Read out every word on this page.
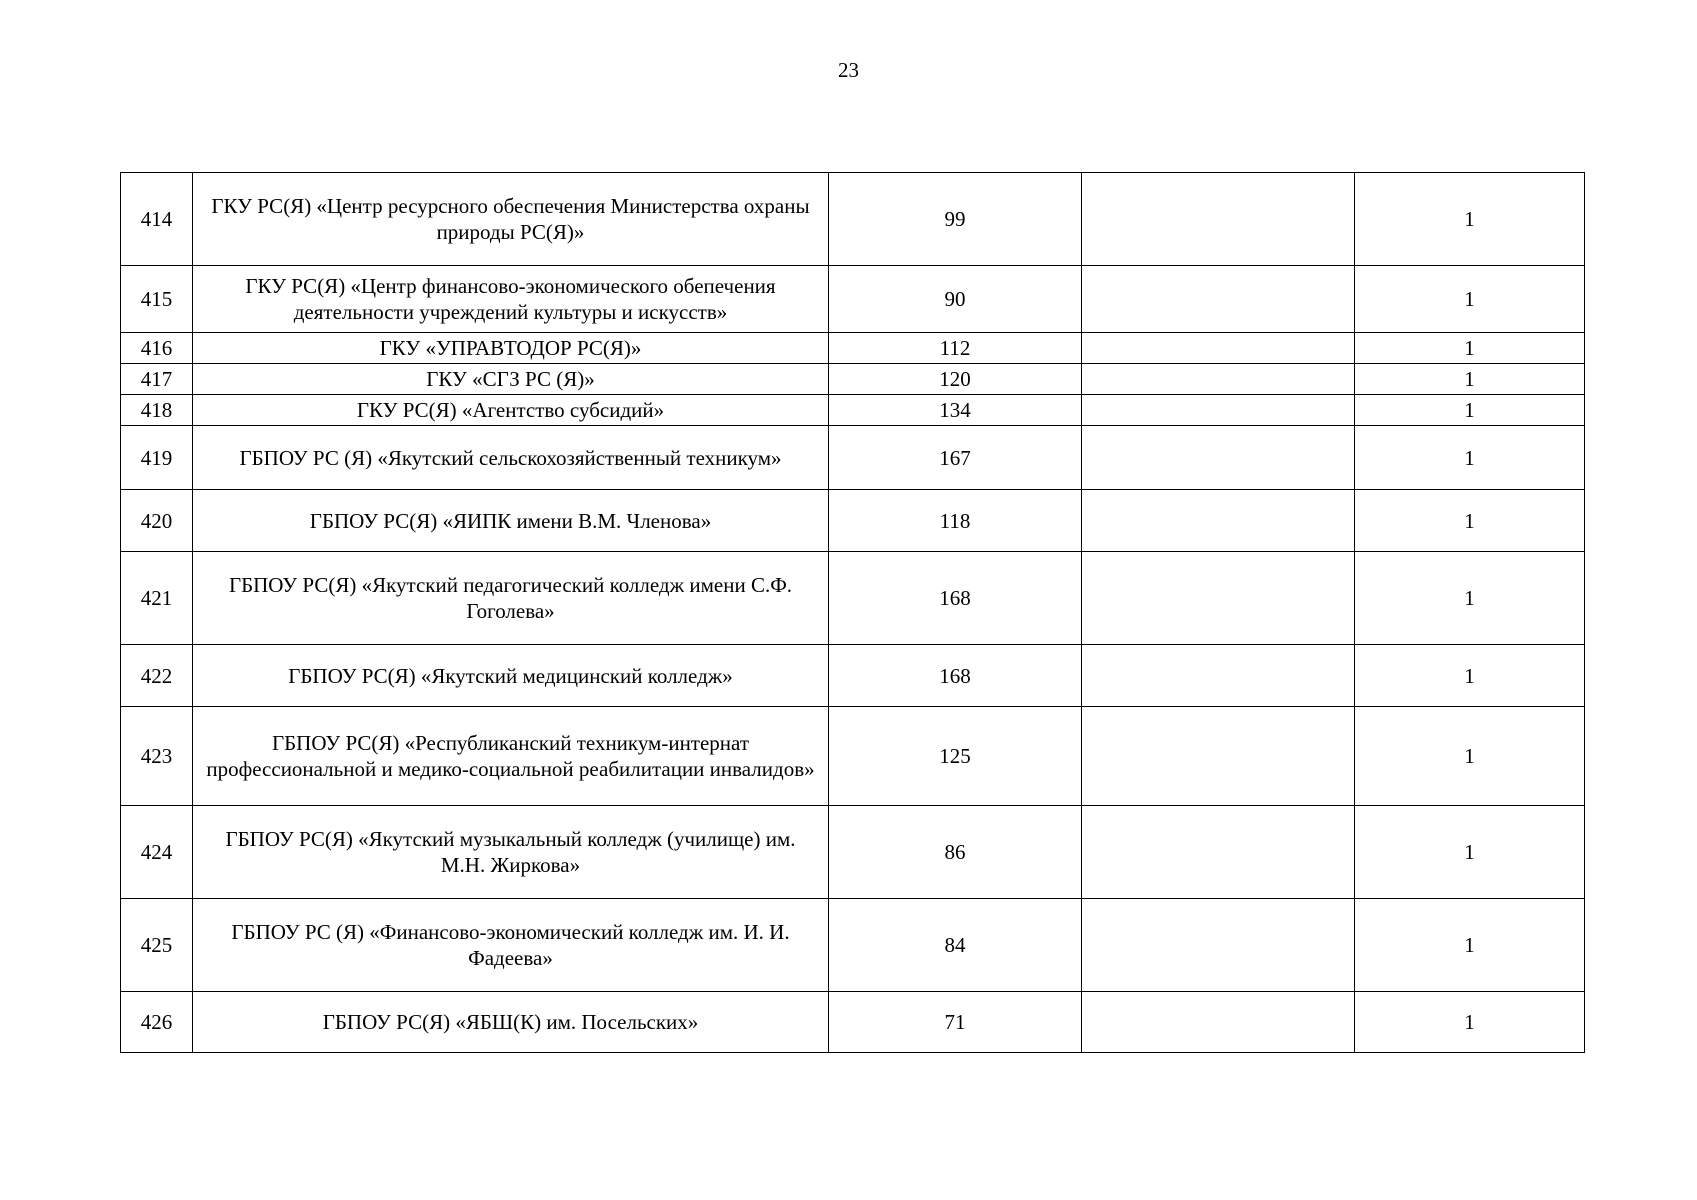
23
414	ГКУ РС(Я) «Центр ресурсного обеспечения Министерства охраны природы РС(Я)»	99		1
415	ГКУ РС(Я) «Центр финансово-экономического обепечения деятельности учреждений культуры и искусств»	90		1
416	ГКУ «УПРАВТОДОР РС(Я)»	112		1
417	ГКУ «СГЗ РС (Я)»	120		1
418	ГКУ РС(Я) «Агентство субсидий»	134		1
419	ГБПОУ РС (Я) «Якутский сельскохозяйственный техникум»	167		1
420	ГБПОУ РС(Я) «ЯИПК имени В.М. Членова»	118		1
421	ГБПОУ РС(Я) «Якутский педагогический колледж имени С.Ф. Гоголева»	168		1
422	ГБПОУ РС(Я) «Якутский медицинский колледж»	168		1
423	ГБПОУ РС(Я) «Республиканский техникум-интернат профессиональной и медико-социальной реабилитации инвалидов»	125		1
424	ГБПОУ РС(Я) «Якутский музыкальный колледж (училище) им. М.Н. Жиркова»	86		1
425	ГБПОУ РС (Я) «Финансово-экономический колледж им. И. И. Фадеева»	84		1
426	ГБПОУ РС(Я) «ЯБШ(К) им. Посельских»	71		1
